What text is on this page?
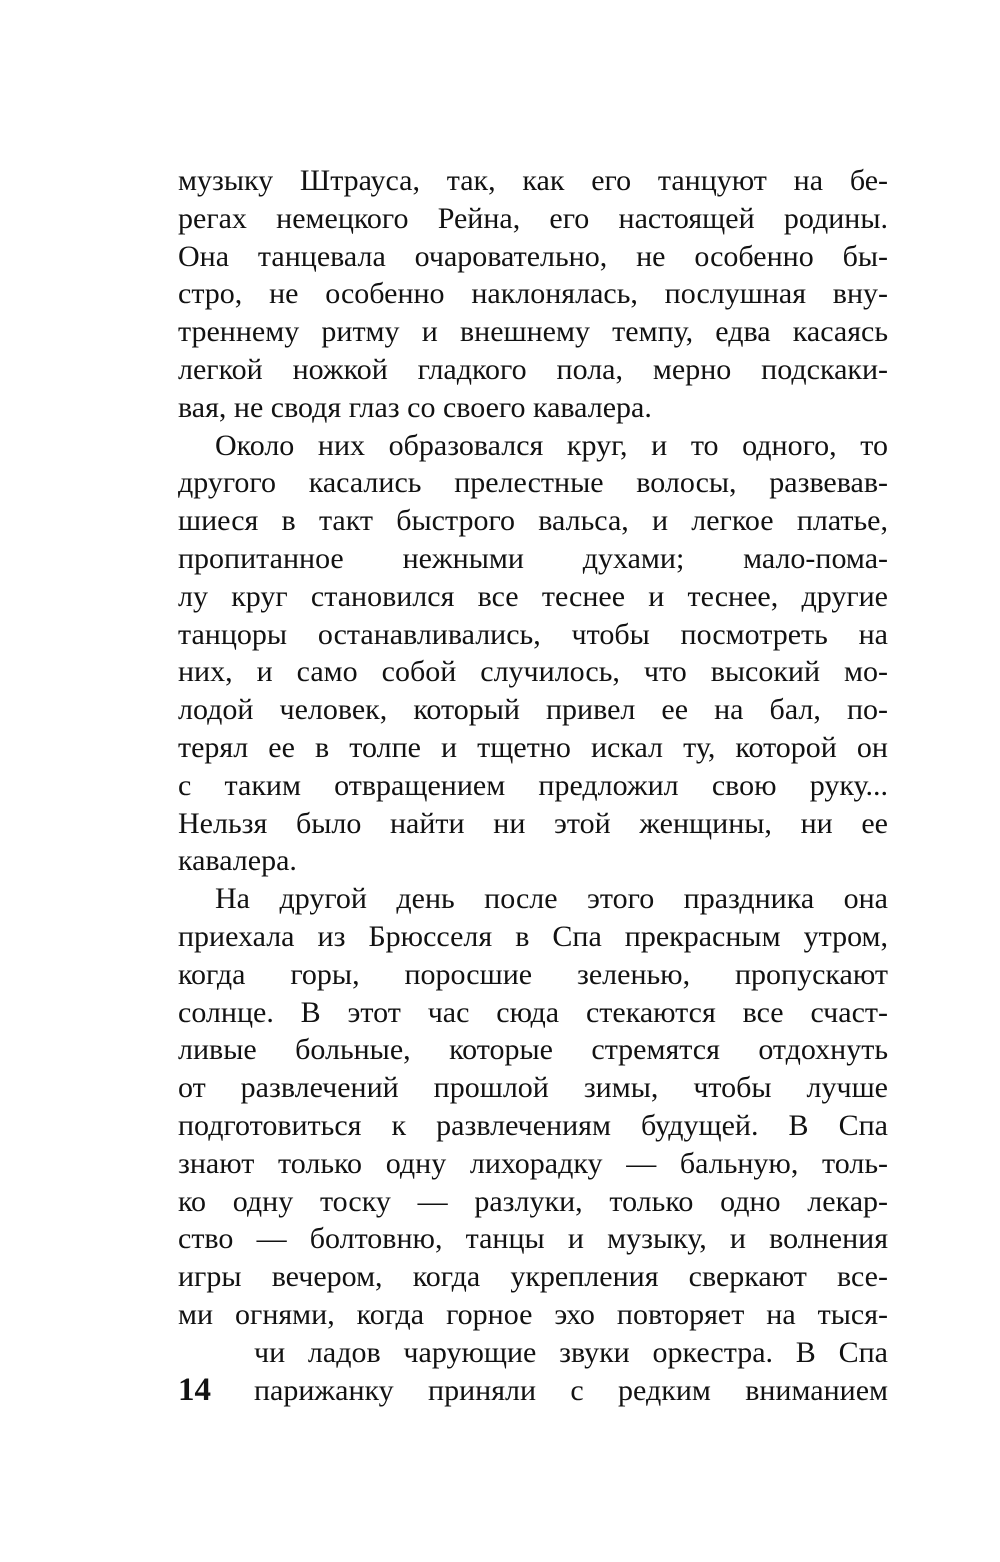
музыку Штрауса, так, как его танцуют на бе-
регах немецкого Рейна, его настоящей родины.
Она танцевала очаровательно, не особенно бы-
стро, не особенно наклонялась, послушная вну-
треннему ритму и внешнему темпу, едва касаясь
легкой ножкой гладкого пола, мерно подскаки-
вая, не сводя глаз со своего кавалера.
Около них образовался круг, и то одного, то
другого касались прелестные волосы, развевав-
шиеся в такт быстрого вальса, и легкое платье,
пропитанное нежными духами; мало-пома-
лу круг становился все теснее и теснее, другие
танцоры останавливались, чтобы посмотреть на
них, и само собой случилось, что высокий мо-
лодой человек, который привел ее на бал, по-
терял ее в толпе и тщетно искал ту, которой он
с таким отвращением предложил свою руку...
Нельзя было найти ни этой женщины, ни ее
кавалера.
На другой день после этого праздника она
приехала из Брюсселя в Спа прекрасным утром,
когда горы, поросшие зеленью, пропускают
солнце. В этот час сюда стекаются все счаст-
ливые больные, которые стремятся отдохнуть
от развлечений прошлой зимы, чтобы лучше
подготовиться к развлечениям будущей. В Спа
знают только одну лихорадку — бальную, толь-
ко одну тоску — разлуки, только одно лекар-
ство — болтовню, танцы и музыку, и волнения
игры вечером, когда укрепления сверкают все-
ми огнями, когда горное эхо повторяет на тыся-
чи ладов чарующие звуки оркестра. В Спа
парижанку приняли с редким вниманием
14
